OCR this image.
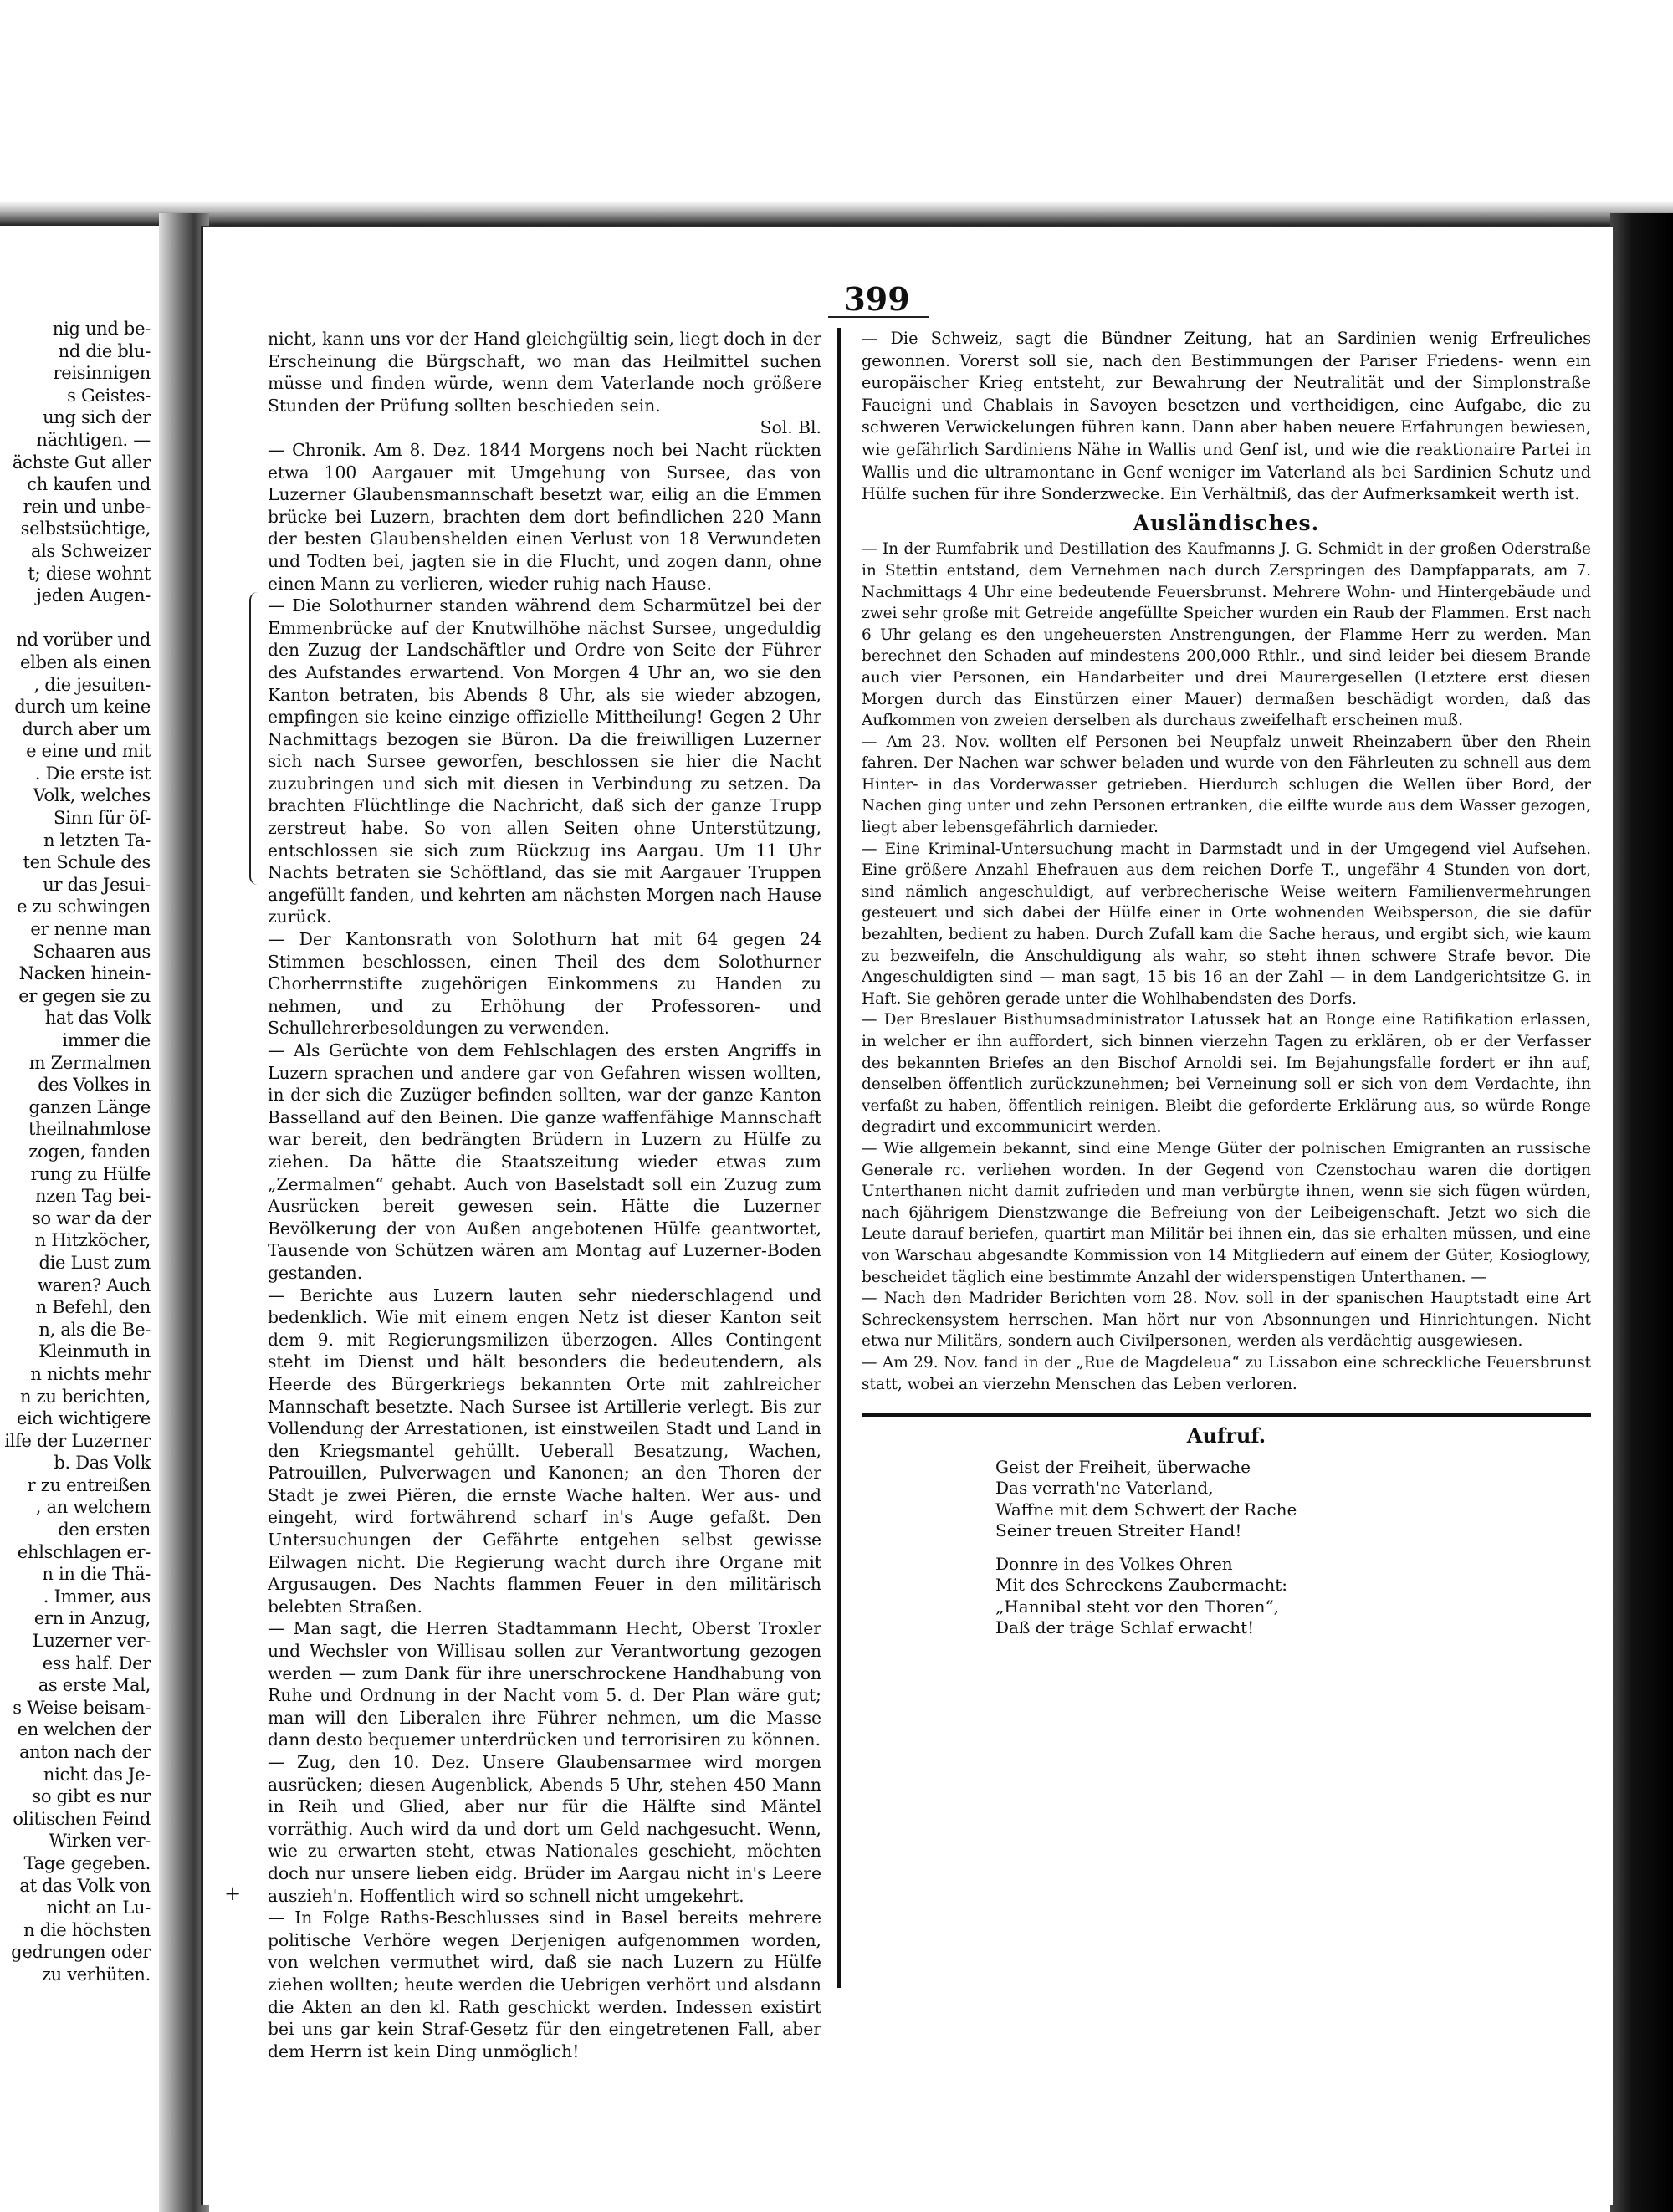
nig und be-
nd die blu-
reisinnigen
s Geistes-
ung sich der
nächtigen. —
ächste Gut aller
ch kaufen und
rein und unbe-
selbstsüchtige,
als Schweizer
t; diese wohnt
jeden Augen-
nd vorüber und
elben als einen
, die jesuiten-
durch um keine
durch aber um
e eine und mit
. Die erste ist
Volk, welches
Sinn für öf-
n letzten Ta-
ten Schule des
ur das Jesui-
e zu schwingen
er nenne man
Schaaren aus
Nacken hinein-
er gegen sie zu
hat das Volk
immer die
m Zermalmen
des Volkes in
ganzen Länge
theilnahmlose
zogen, fanden
rung zu Hülfe
nzen Tag bei-
so war da der
n Hitzköcher,
die Lust zum
waren? Auch
n Befehl, den
n, als die Be-
Kleinmuth in
n nichts mehr
n zu berichten,
eich wichtigere
ilfe der Luzerner
b. Das Volk
r zu entreißen
, an welchem
den ersten
ehlschlagen er-
n in die Thä-
. Immer, aus
ern in Anzug,
Luzerner ver-
ess half. Der
as erste Mal,
s Weise beisam-
en welchen der
anton nach der
nicht das Je-
so gibt es nur
olitischen Feind
Wirken ver-
Tage gegeben.
at das Volk von
nicht an Lu-
n die höchsten
gedrungen oder
zu verhüten.
399
+

nicht, kann uns vor der Hand gleichgültig sein, liegt doch in der Erscheinung die Bürgschaft, wo man das Heilmittel suchen müsse und finden würde, wenn dem Vaterlande noch größere Stunden der Prüfung sollten beschieden sein.

Sol. Bl.

— Chronik. Am 8. Dez. 1844 Morgens noch bei Nacht rückten etwa 100 Aargauer mit Umgehung von Sursee, das von Luzerner Glaubensmannschaft besetzt war, eilig an die Emmen brücke bei Luzern, brachten dem dort befindlichen 220 Mann der besten Glaubenshelden einen Verlust von 18 Verwundeten und Todten bei, jagten sie in die Flucht, und zogen dann, ohne einen Mann zu verlieren, wieder ruhig nach Hause.

— Die Solothurner standen während dem Scharmützel bei der Emmenbrücke auf der Knutwilhöhe nächst Sursee, ungeduldig den Zuzug der Landschäftler und Ordre von Seite der Führer des Aufstandes erwartend. Von Morgen 4 Uhr an, wo sie den Kanton betraten, bis Abends 8 Uhr, als sie wieder abzogen, empfingen sie keine einzige offizielle Mittheilung! Gegen 2 Uhr Nachmittags bezogen sie Büron. Da die freiwilligen Luzerner sich nach Sursee geworfen, beschlossen sie hier die Nacht zuzubringen und sich mit diesen in Verbindung zu setzen. Da brachten Flüchtlinge die Nachricht, daß sich der ganze Trupp zerstreut habe. So von allen Seiten ohne Unterstützung, entschlossen sie sich zum Rückzug ins Aargau. Um 11 Uhr Nachts betraten sie Schöftland, das sie mit Aargauer Truppen angefüllt fanden, und kehrten am nächsten Morgen nach Hause zurück.

— Der Kantonsrath von Solothurn hat mit 64 gegen 24 Stimmen beschlossen, einen Theil des dem Solothurner Chorherrnstifte zugehörigen Einkommens zu Handen zu nehmen, und zu Erhöhung der Professoren- und Schullehrerbesoldungen zu verwenden.

— Als Gerüchte von dem Fehlschlagen des ersten Angriffs in Luzern sprachen und andere gar von Gefahren wissen wollten, in der sich die Zuzüger befinden sollten, war der ganze Kanton Basselland auf den Beinen. Die ganze waffenfähige Mannschaft war bereit, den bedrängten Brüdern in Luzern zu Hülfe zu ziehen. Da hätte die Staatszeitung wieder etwas zum „Zermalmen“ gehabt. Auch von Baselstadt soll ein Zuzug zum Ausrücken bereit gewesen sein. Hätte die Luzerner Bevölkerung der von Außen angebotenen Hülfe geantwortet, Tausende von Schützen wären am Montag auf Luzerner-Boden gestanden.

— Berichte aus Luzern lauten sehr niederschlagend und bedenklich. Wie mit einem engen Netz ist dieser Kanton seit dem 9. mit Regierungsmilizen überzogen. Alles Contingent steht im Dienst und hält besonders die bedeutendern, als Heerde des Bürgerkriegs bekannten Orte mit zahlreicher Mannschaft besetzte. Nach Sursee ist Artillerie verlegt. Bis zur Vollendung der Arrestationen, ist einstweilen Stadt und Land in den Kriegsmantel gehüllt. Ueberall Besatzung, Wachen, Patrouillen, Pulverwagen und Kanonen; an den Thoren der Stadt je zwei Piëren, die ernste Wache halten. Wer aus- und eingeht, wird fortwährend scharf in's Auge gefaßt. Den Untersuchungen der Gefährte entgehen selbst gewisse Eilwagen nicht. Die Regierung wacht durch ihre Organe mit Argusaugen. Des Nachts flammen Feuer in den militärisch belebten Straßen.

— Man sagt, die Herren Stadtammann Hecht, Oberst Troxler und Wechsler von Willisau sollen zur Verantwortung gezogen werden — zum Dank für ihre unerschrockene Handhabung von Ruhe und Ordnung in der Nacht vom 5. d. Der Plan wäre gut; man will den Liberalen ihre Führer nehmen, um die Masse dann desto bequemer unterdrücken und terrorisiren zu können.

— Zug, den 10. Dez. Unsere Glaubensarmee wird morgen ausrücken; diesen Augenblick, Abends 5 Uhr, stehen 450 Mann in Reih und Glied, aber nur für die Hälfte sind Mäntel vorräthig. Auch wird da und dort um Geld nachgesucht. Wenn, wie zu erwarten steht, etwas Nationales geschieht, möchten doch nur unsere lieben eidg. Brüder im Aargau nicht in's Leere auszieh'n. Hoffentlich wird so schnell nicht umgekehrt.

— In Folge Raths-Beschlusses sind in Basel bereits mehrere politische Verhöre wegen Derjenigen aufgenommen worden, von welchen vermuthet wird, daß sie nach Luzern zu Hülfe ziehen wollten; heute werden die Uebrigen verhört und alsdann die Akten an den kl. Rath geschickt werden. Indessen existirt bei uns gar kein Straf-Gesetz für den eingetretenen Fall, aber dem Herrn ist kein Ding unmöglich!

— Die Schweiz, sagt die Bündner Zeitung, hat an Sardinien wenig Erfreuliches gewonnen. Vorerst soll sie, nach den Bestimmungen der Pariser Friedens- wenn ein europäischer Krieg entsteht, zur Bewahrung der Neutralität und der Simplonstraße Faucigni und Chablais in Savoyen besetzen und vertheidigen, eine Aufgabe, die zu schweren Verwickelungen führen kann. Dann aber haben neuere Erfahrungen bewiesen, wie gefährlich Sardiniens Nähe in Wallis und Genf ist, und wie die reaktionaire Partei in Wallis und die ultramontane in Genf weniger im Vaterland als bei Sardinien Schutz und Hülfe suchen für ihre Sonderzwecke. Ein Verhältniß, das der Aufmerksamkeit werth ist.

Ausländisches.

— In der Rumfabrik und Destillation des Kaufmanns J. G. Schmidt in der großen Oderstraße in Stettin entstand, dem Vernehmen nach durch Zerspringen des Dampfapparats, am 7. Nachmittags 4 Uhr eine bedeutende Feuersbrunst. Mehrere Wohn- und Hintergebäude und zwei sehr große mit Getreide angefüllte Speicher wurden ein Raub der Flammen. Erst nach 6 Uhr gelang es den ungeheuersten Anstrengungen, der Flamme Herr zu werden. Man berechnet den Schaden auf mindestens 200,000 Rthlr., und sind leider bei diesem Brande auch vier Personen, ein Handarbeiter und drei Maurergesellen (Letztere erst diesen Morgen durch das Einstürzen einer Mauer) dermaßen beschädigt worden, daß das Aufkommen von zweien derselben als durchaus zweifelhaft erscheinen muß.

— Am 23. Nov. wollten elf Personen bei Neupfalz unweit Rheinzabern über den Rhein fahren. Der Nachen war schwer beladen und wurde von den Fährleuten zu schnell aus dem Hinter- in das Vorderwasser getrieben. Hierdurch schlugen die Wellen über Bord, der Nachen ging unter und zehn Personen ertranken, die eilfte wurde aus dem Wasser gezogen, liegt aber lebensgefährlich darnieder.

— Eine Kriminal-Untersuchung macht in Darmstadt und in der Umgegend viel Aufsehen. Eine größere Anzahl Ehefrauen aus dem reichen Dorfe T., ungefähr 4 Stunden von dort, sind nämlich angeschuldigt, auf verbrecherische Weise weitern Familienvermehrungen gesteuert und sich dabei der Hülfe einer in Orte wohnenden Weibsperson, die sie dafür bezahlten, bedient zu haben. Durch Zufall kam die Sache heraus, und ergibt sich, wie kaum zu bezweifeln, die Anschuldigung als wahr, so steht ihnen schwere Strafe bevor. Die Angeschuldigten sind — man sagt, 15 bis 16 an der Zahl — in dem Landgerichtsitze G. in Haft. Sie gehören gerade unter die Wohlhabendsten des Dorfs.

— Der Breslauer Bisthumsadministrator Latussek hat an Ronge eine Ratifikation erlassen, in welcher er ihn auffordert, sich binnen vierzehn Tagen zu erklären, ob er der Verfasser des bekannten Briefes an den Bischof Arnoldi sei. Im Bejahungsfalle fordert er ihn auf, denselben öffentlich zurückzunehmen; bei Verneinung soll er sich von dem Verdachte, ihn verfaßt zu haben, öffentlich reinigen. Bleibt die geforderte Erklärung aus, so würde Ronge degradirt und excommunicirt werden.

— Wie allgemein bekannt, sind eine Menge Güter der polnischen Emigranten an russische Generale rc. verliehen worden. In der Gegend von Czenstochau waren die dortigen Unterthanen nicht damit zufrieden und man verbürgte ihnen, wenn sie sich fügen würden, nach 6jährigem Dienstzwange die Befreiung von der Leibeigenschaft. Jetzt wo sich die Leute darauf beriefen, quartirt man Militär bei ihnen ein, das sie erhalten müssen, und eine von Warschau abgesandte Kommission von 14 Mitgliedern auf einem der Güter, Kosioglowy, bescheidet täglich eine bestimmte Anzahl der widerspenstigen Unterthanen. —

— Nach den Madrider Berichten vom 28. Nov. soll in der spanischen Hauptstadt eine Art Schreckensystem herrschen. Man hört nur von Absonnungen und Hinrichtungen. Nicht etwa nur Militärs, sondern auch Civilpersonen, werden als verdächtig ausgewiesen.

— Am 29. Nov. fand in der „Rue de Magdeleua“ zu Lissabon eine schreckliche Feuersbrunst statt, wobei an vierzehn Menschen das Leben verloren.

Aufruf.
Geist der Freiheit, überwache
Das verrath'ne Vaterland,
Waffne mit dem Schwert der Rache
Seiner treuen Streiter Hand!
Donnre in des Volkes Ohren
Mit des Schreckens Zaubermacht:
„Hannibal steht vor den Thoren“,
Daß der träge Schlaf erwacht!
